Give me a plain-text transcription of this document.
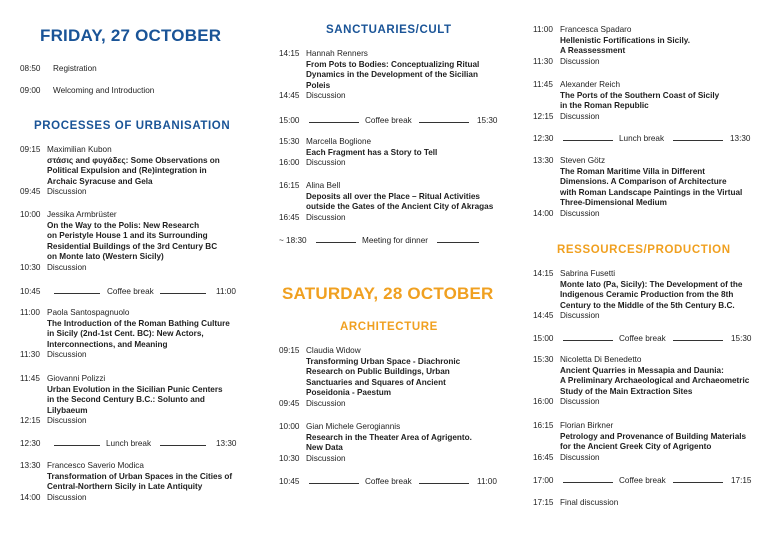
FRIDAY, 27 OCTOBER
08:50 Registration
09:00 Welcoming and Introduction
PROCESSES OF URBANISATION
09:15 Maximilian Kubon
στάσις and φυγάδες: Some Observations on
Political Expulsion and (Re)integration in
Archaic Syracuse and Gela
09:45 Discussion
10:00 Jessika Armbrüster
On the Way to the Polis: New Research
on Peristyle House 1 and its Surrounding
Residential Buildings of the 3rd Century BC
on Monte Iato (Western Sicily)
10:30 Discussion
10:45	Coffee break	11:00
11:00 Paola Santospagnuolo
The Introduction of the Roman Bathing Culture
in Sicily (2nd-1st Cent. BC): New Actors,
Interconnections, and Meaning
11:30 Discussion
11:45 Giovanni Polizzi
Urban Evolution in the Sicilian Punic Centers
in the Second Century B.C.: Solunto and
Lilybaeum
12:15 Discussion
12:30	Lunch break	13:30
13:30 Francesco Saverio Modica
Transformation of Urban Spaces in the Cities of
Central-Northern Sicily in Late Antiquity
14:00 Discussion
SANCTUARIES/CULT
14:15 Hannah Renners
From Pots to Bodies: Conceptualizing Ritual
Dynamics in the Development of the Sicilian
Poleis
14:45 Discussion
15:00	Coffee break	15:30
15:30 Marcella Boglione
Each Fragment has a Story to Tell
16:00 Discussion
16:15 Alina Bell
Deposits all over the Place – Ritual Activities
outside the Gates of the Ancient City of Akragas
16:45 Discussion
~ 18:30	Meeting for dinner
SATURDAY, 28 OCTOBER
ARCHITECTURE
09:15 Claudia Widow
Transforming Urban Space - Diachronic
Research on Public Buildings, Urban
Sanctuaries and Squares of Ancient
Poseidonia - Paestum
09:45 Discussion
10:00 Gian Michele Gerogiannis
Research in the Theater Area of Agrigento.
New Data
10:30 Discussion
10:45	Coffee break	11:00
11:00 Francesca Spadaro
Hellenistic Fortifications in Sicily.
A Reassessment
11:30 Discussion
11:45 Alexander Reich
The Ports of the Southern Coast of Sicily
in the Roman Republic
12:15 Discussion
12:30	Lunch break	13:30
13:30 Steven Götz
The Roman Maritime Villa in Different
Dimensions. A Comparison of Architecture
with Roman Landscape Paintings in the Virtual
Three-Dimensional Medium
14:00 Discussion
RESSOURCES/PRODUCTION
14:15 Sabrina Fusetti
Monte Iato (Pa, Sicily): The Development of the
Indigenous Ceramic Production from the 8th
Century to the Middle of the 5th Century B.C.
14:45 Discussion
15:00	Coffee break	15:30
15:30 Nicoletta Di Benedetto
Ancient Quarries in Messapia and Daunia:
A Preliminary Archaeological and Archaeometric
Study of the Main Extraction Sites
16:00 Discussion
16:15 Florian Birkner
Petrology and Provenance of Building Materials
for the Ancient Greek City of Agrigento
16:45 Discussion
17:00	Coffee break	17:15
17:15 Final discussion
